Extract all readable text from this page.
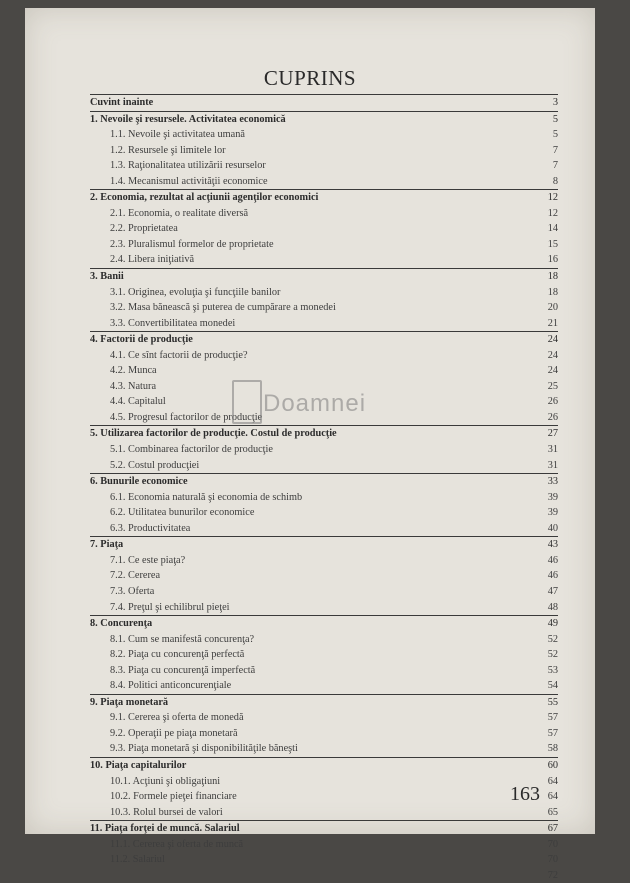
CUPRINS
Cuvint inainte	3
1. Nevoile şi resursele. Activitatea economică	5
1.1. Nevoile şi activitatea umană	5
1.2. Resursele şi limitele lor	7
1.3. Raţionalitatea utilizării resurselor	7
1.4. Mecanismul activităţii economice	8
2. Economia, rezultat al acţiunii agenţilor economici	12
2.1. Economia, o realitate diversă	12
2.2. Proprietatea	14
2.3. Pluralismul formelor de proprietate	15
2.4. Libera iniţiativă	16
3. Banii	18
3.1. Originea, evoluţia şi funcţiile banilor	18
3.2. Masa bănească şi puterea de cumpărare a monedei	20
3.3. Convertibilitatea monedei	21
4. Factorii de producţie	24
4.1. Ce sînt factorii de producţie?	24
4.2. Munca	24
4.3. Natura	25
4.4. Capitalul	26
4.5. Progresul factorilor de producţie	26
5. Utilizarea factorilor de producţie. Costul de producţie	27
5.1. Combinarea factorilor de producţie	31
5.2. Costul producţiei	31
6. Bunurile economice	33
6.1. Economia naturală şi economia de schimb	39
6.2. Utilitatea bunurilor economice	39
6.3. Productivitatea	40
7. Piaţa	43
7.1. Ce este piaţa?	46
7.2. Cererea	46
7.3. Oferta	47
7.4. Preţul şi echilibrul pieţei	48
8. Concurenţa	49
8.1. Cum se manifestă concurenţa?	52
8.2. Piaţa cu concurenţă perfectă	52
8.3. Piaţa cu concurenţă imperfectă	53
8.4. Politici anticoncurenţiale	54
9. Piaţa monetară	55
9.1. Cererea şi oferta de monedă	57
9.2. Operaţii pe piaţa monetară	57
9.3. Piaţa monetară şi disponibilităţile băneşti	58
10. Piaţa capitalurilor	60
10.1. Acţiuni şi obligaţiuni	64
10.2. Formele pieţei financiare	64
10.3. Rolul bursei de valori	65
11. Piaţa forţei de muncă. Salariul	67
11.1. Cererea şi oferta de muncă	70
11.2. Salariul	70
72
Doamnei
163
